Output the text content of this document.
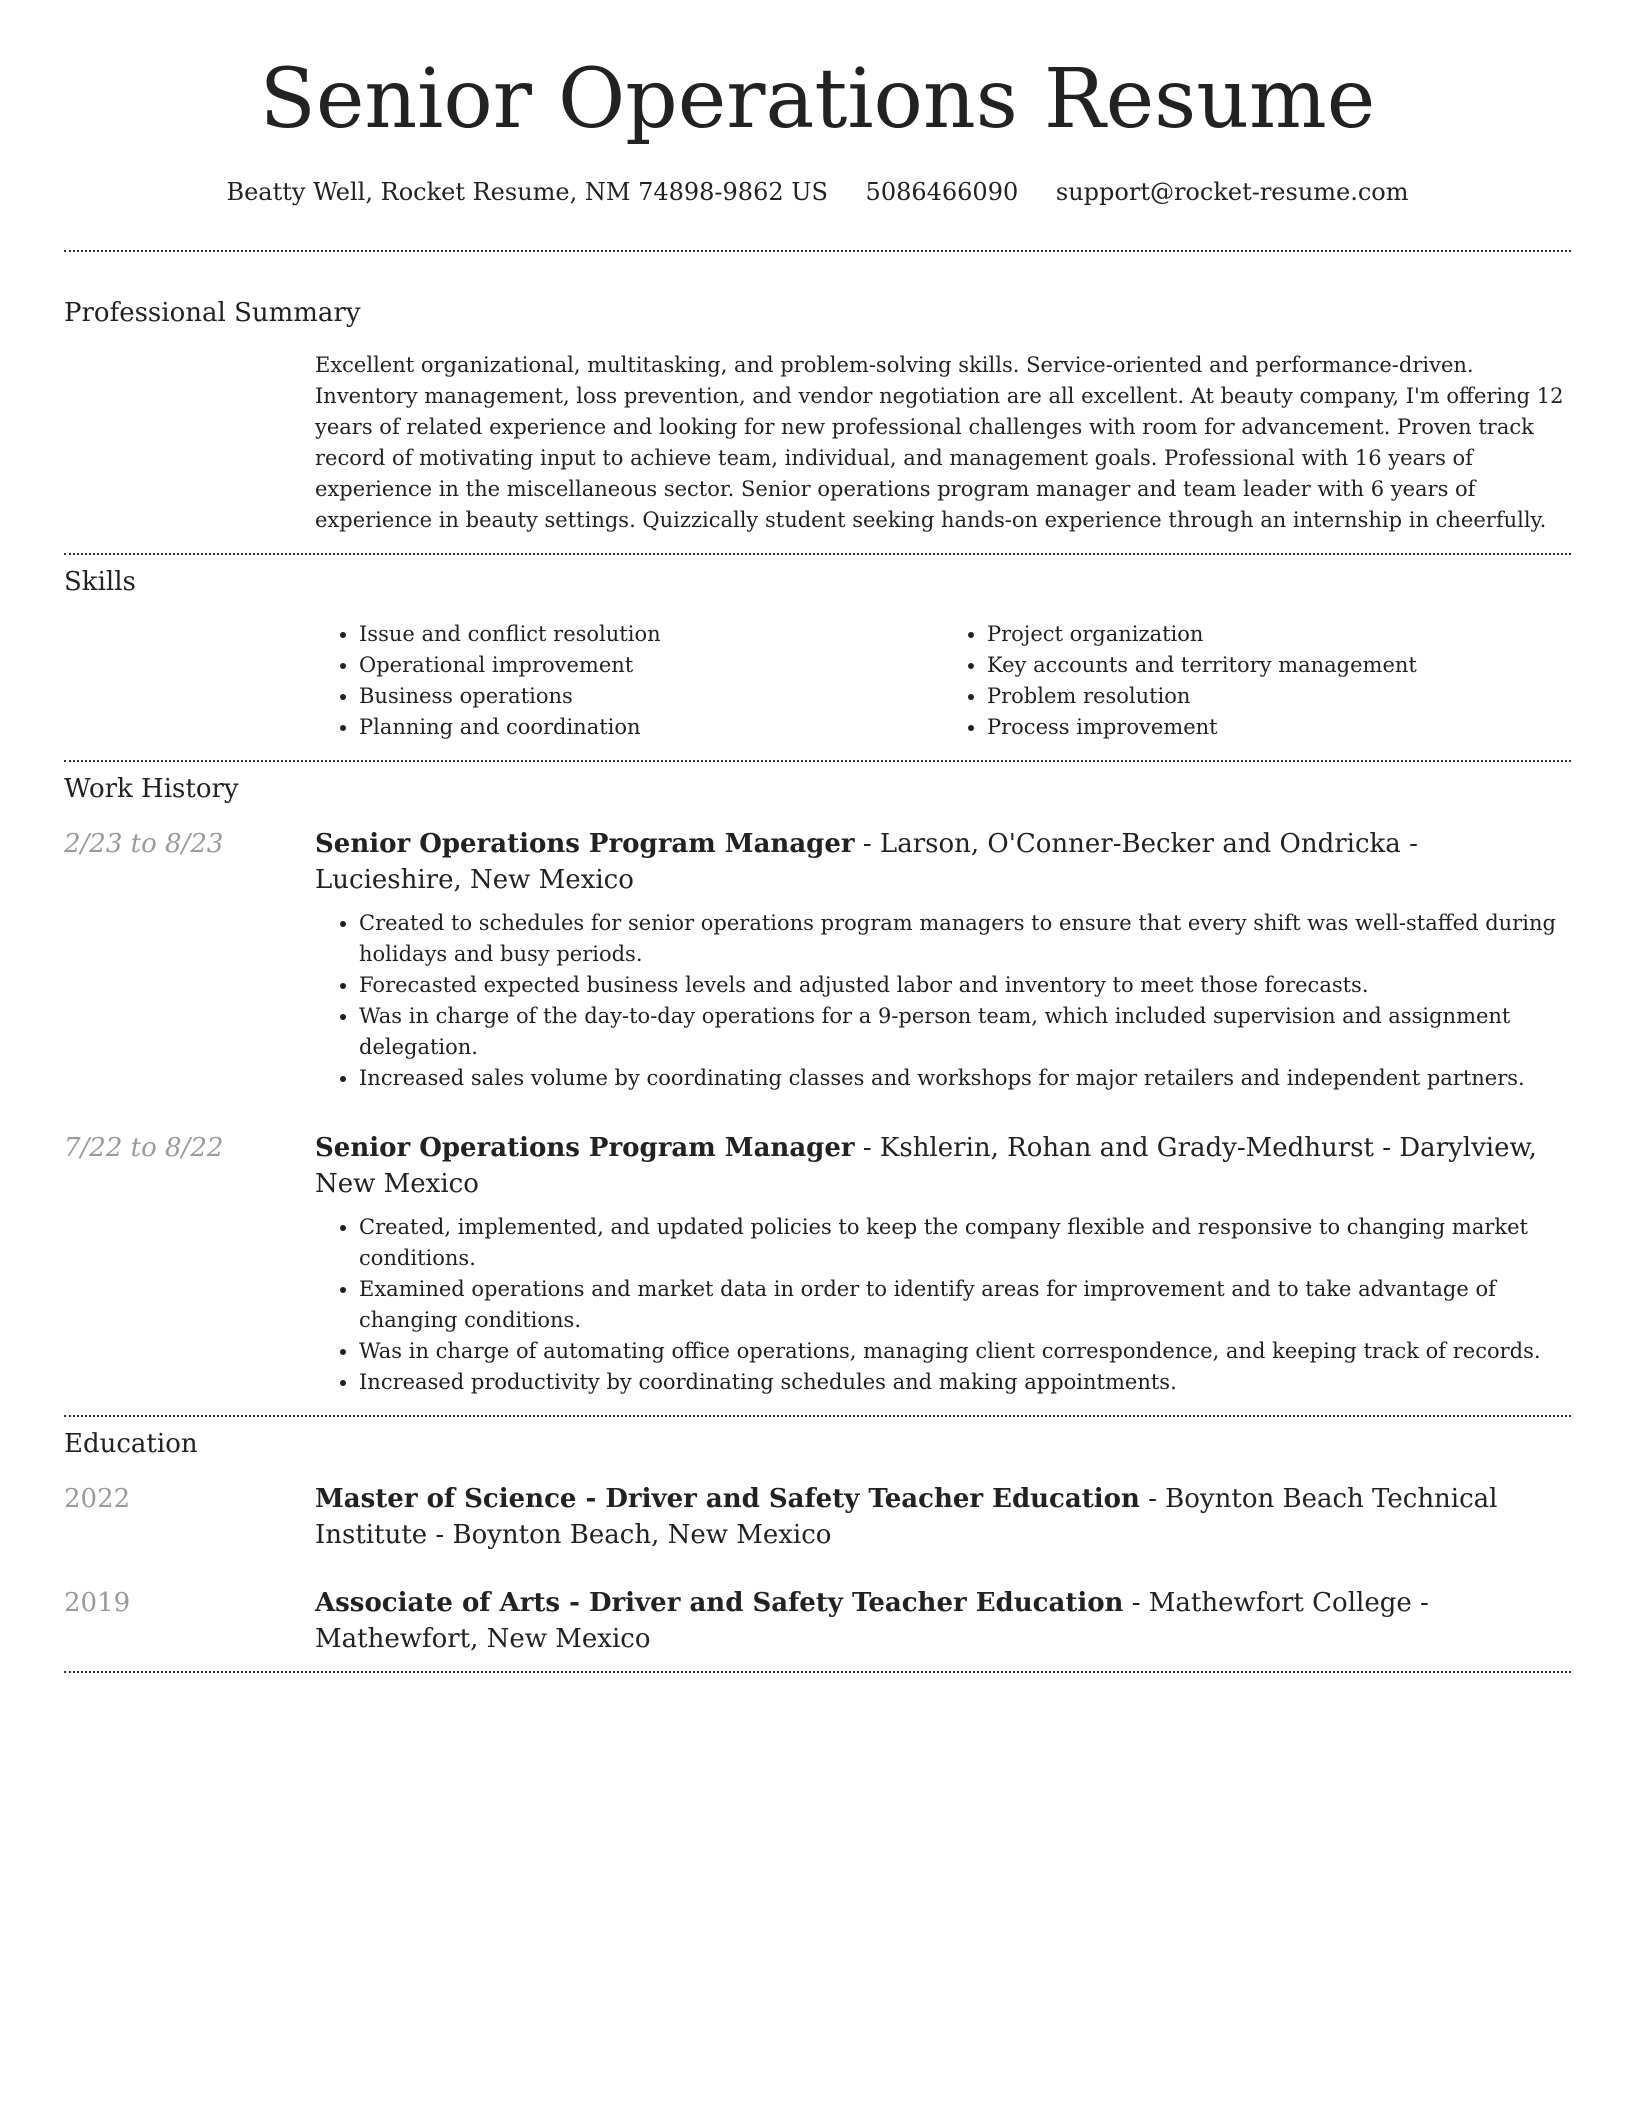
Senior Operations Resume
Beatty Well, Rocket Resume, NM 74898-9862 US 5086466090 support@rocket-resume.com
Professional Summary
Excellent organizational, multitasking, and problem-solving skills. Service-oriented and performance-driven. Inventory management, loss prevention, and vendor negotiation are all excellent. At beauty company, I'm offering 12 years of related experience and looking for new professional challenges with room for advancement. Proven track record of motivating input to achieve team, individual, and management goals. Professional with 16 years of experience in the miscellaneous sector. Senior operations program manager and team leader with 6 years of experience in beauty settings. Quizzically student seeking hands-on experience through an internship in cheerfully.
Skills
• Issue and conflict resolution
• Operational improvement
• Business operations
• Planning and coordination
• Project organization
• Key accounts and territory management
• Problem resolution
• Process improvement
Work History
2/23 to 8/23	Senior Operations Program Manager - Larson, O'Conner-Becker and Ondricka - Lucieshire, New Mexico
• Created to schedules for senior operations program managers to ensure that every shift was well-staffed during holidays and busy periods.
• Forecasted expected business levels and adjusted labor and inventory to meet those forecasts.
• Was in charge of the day-to-day operations for a 9-person team, which included supervision and assignment delegation.
• Increased sales volume by coordinating classes and workshops for major retailers and independent partners.
7/22 to 8/22	Senior Operations Program Manager - Kshlerin, Rohan and Grady-Medhurst - Darylview, New Mexico
• Created, implemented, and updated policies to keep the company flexible and responsive to changing market conditions.
• Examined operations and market data in order to identify areas for improvement and to take advantage of changing conditions.
• Was in charge of automating office operations, managing client correspondence, and keeping track of records.
• Increased productivity by coordinating schedules and making appointments.
Education
2022	Master of Science - Driver and Safety Teacher Education - Boynton Beach Technical Institute - Boynton Beach, New Mexico
2019	Associate of Arts - Driver and Safety Teacher Education - Mathewfort College - Mathewfort, New Mexico
